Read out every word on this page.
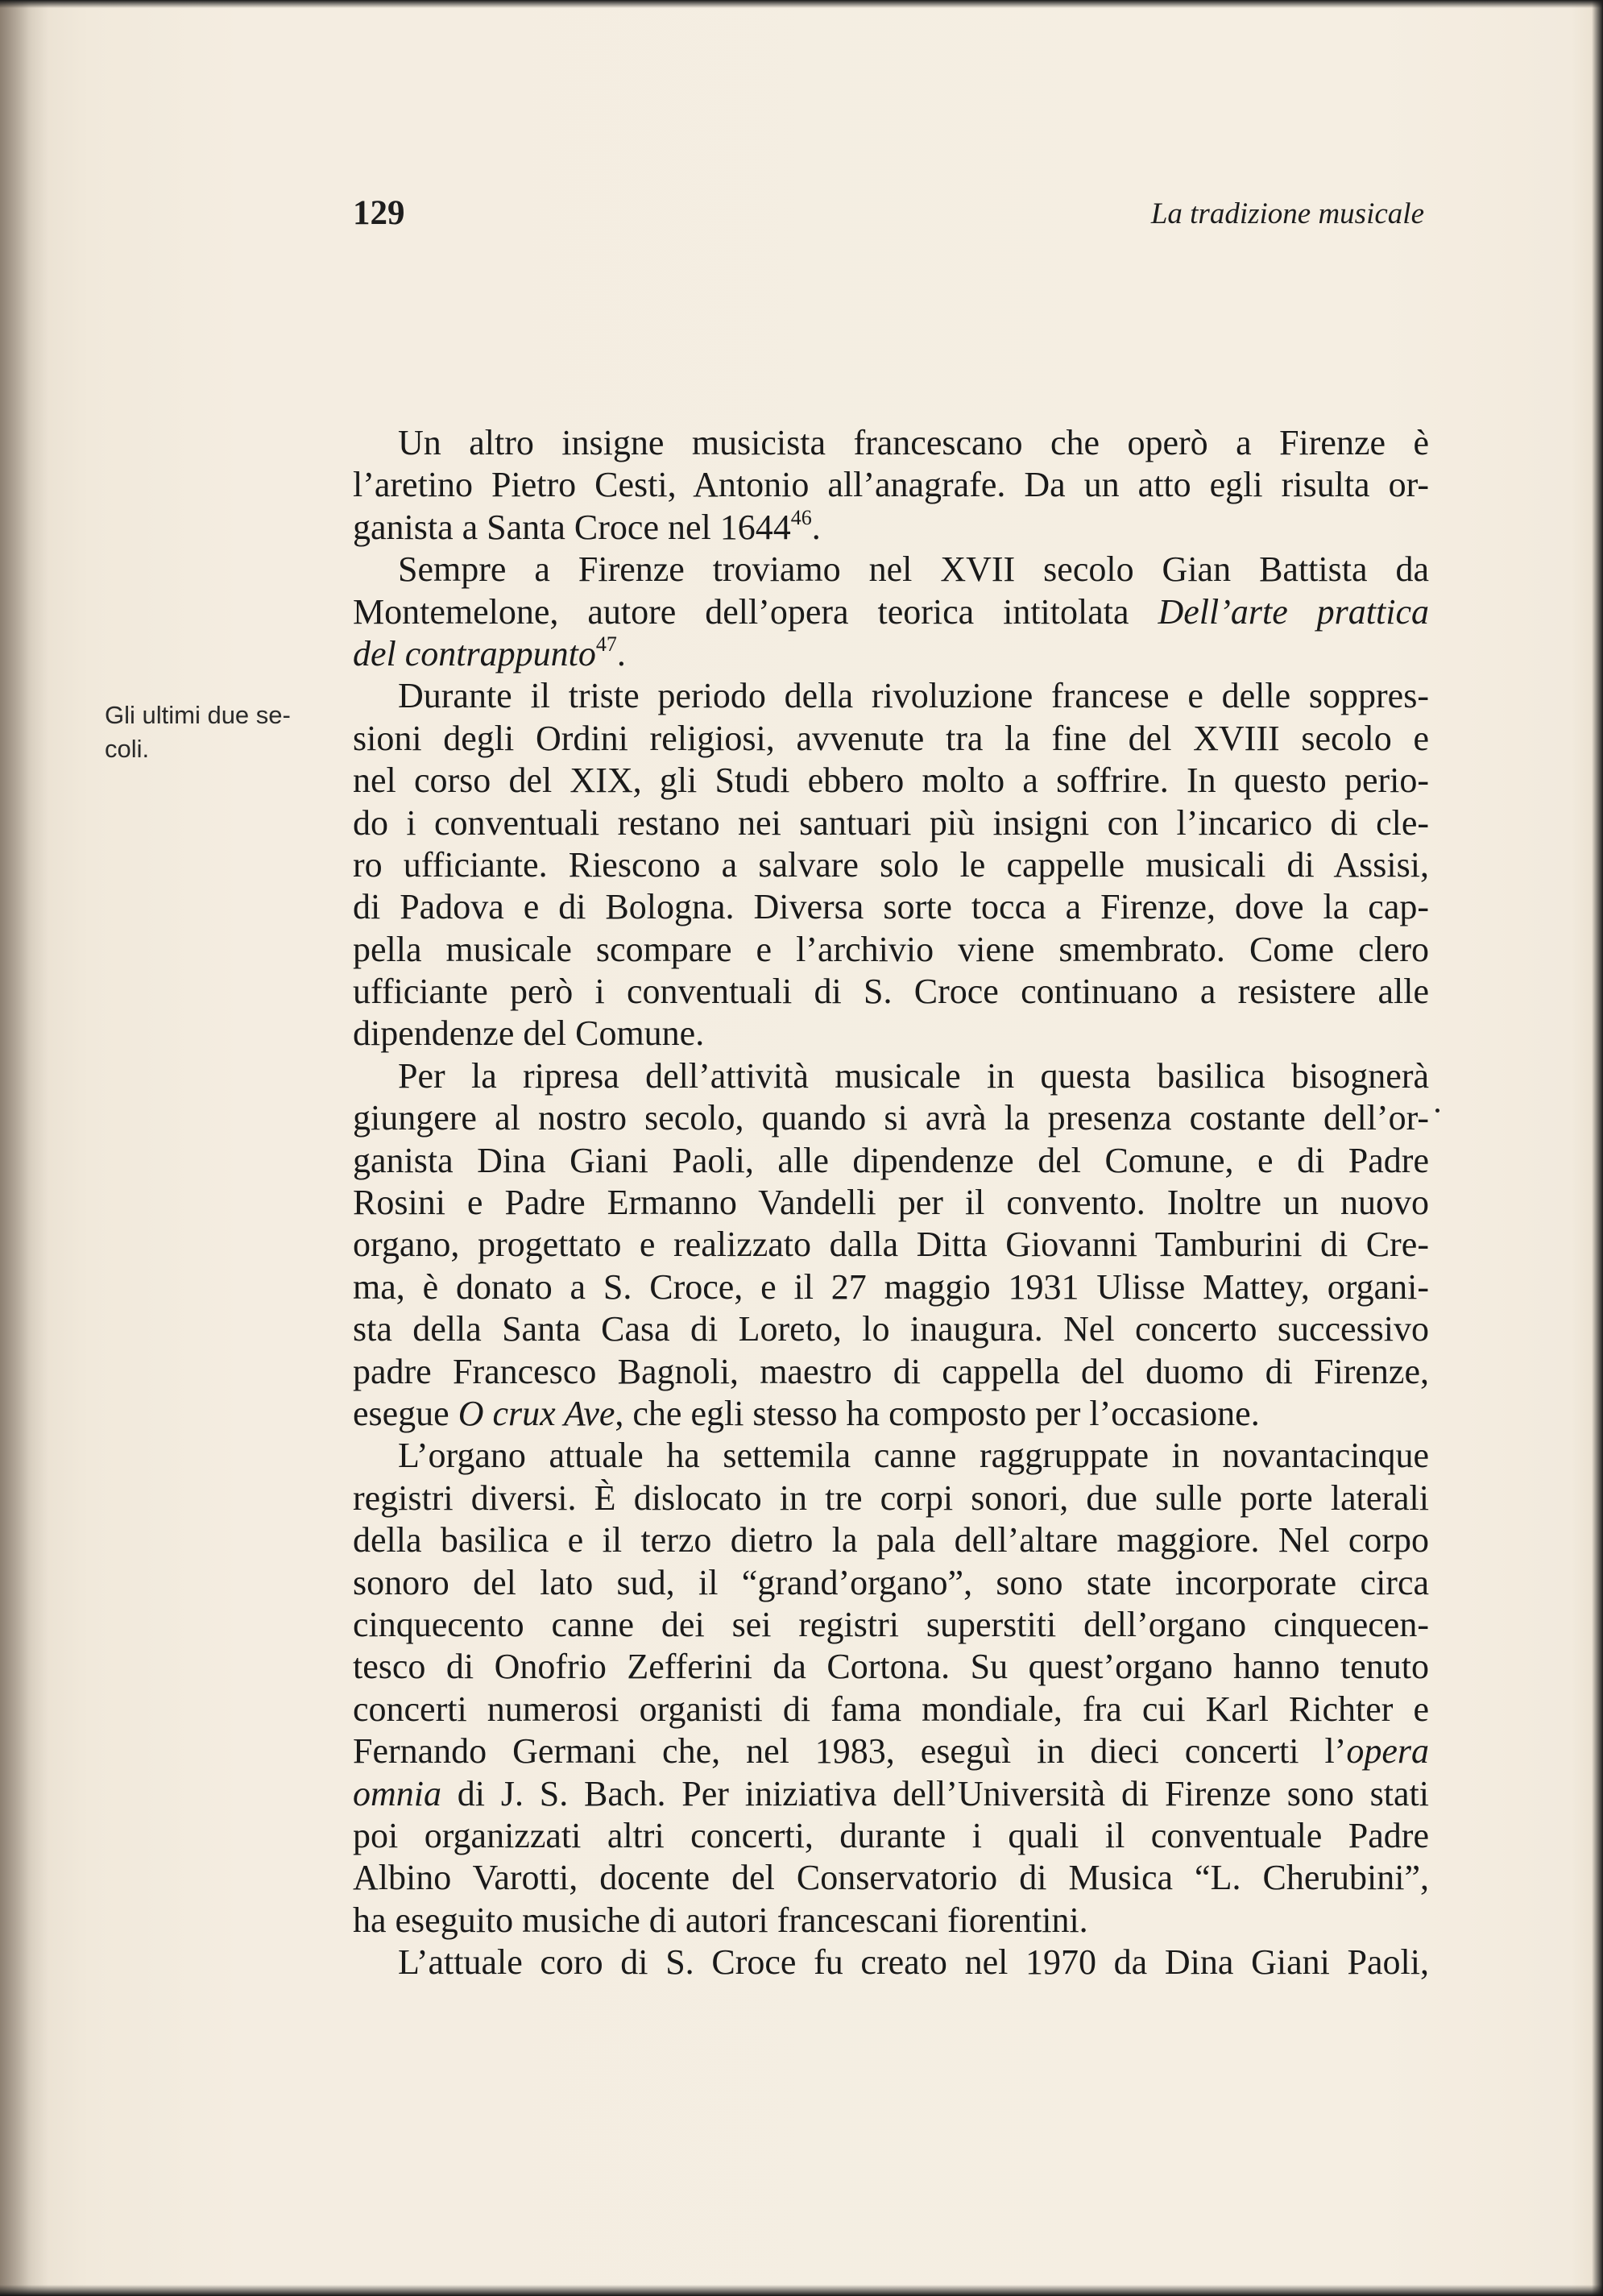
129	La tradizione musicale
Gli ultimi due se-
coli.
Un altro insigne musicista francescano che operò a Firenze è
l’aretino Pietro Cesti, Antonio all’anagrafe. Da un atto egli risulta or-
ganista a Santa Croce nel 1644$^{46}$.
Sempre a Firenze troviamo nel XVII secolo Gian Battista da
Montemelone, autore dell’opera teorica intitolata Dell’arte prattica
del contrappunto$^{47}$.
Durante il triste periodo della rivoluzione francese e delle soppres-
sioni degli Ordini religiosi, avvenute tra la fine del XVIII secolo e
nel corso del XIX, gli Studi ebbero molto a soffrire. In questo perio-
do i conventuali restano nei santuari più insigni con l’incarico di cle-
ro ufficiante. Riescono a salvare solo le cappelle musicali di Assisi,
di Padova e di Bologna. Diversa sorte tocca a Firenze, dove la cap-
pella musicale scompare e l’archivio viene smembrato. Come clero
ufficiante però i conventuali di S. Croce continuano a resistere alle
dipendenze del Comune.
Per la ripresa dell’attività musicale in questa basilica bisognerà
giungere al nostro secolo, quando si avrà la presenza costante dell’or-
ganista Dina Giani Paoli, alle dipendenze del Comune, e di Padre
Rosini e Padre Ermanno Vandelli per il convento. Inoltre un nuovo
organo, progettato e realizzato dalla Ditta Giovanni Tamburini di Cre-
ma, è donato a S. Croce, e il 27 maggio 1931 Ulisse Mattey, organi-
sta della Santa Casa di Loreto, lo inaugura. Nel concerto successivo
padre Francesco Bagnoli, maestro di cappella del duomo di Firenze,
esegue O crux Ave, che egli stesso ha composto per l’occasione.
L’organo attuale ha settemila canne raggruppate in novantacinque
registri diversi. È dislocato in tre corpi sonori, due sulle porte laterali
della basilica e il terzo dietro la pala dell’altare maggiore. Nel corpo
sonoro del lato sud, il “grand’organo”, sono state incorporate circa
cinquecento canne dei sei registri superstiti dell’organo cinquecen-
tesco di Onofrio Zefferini da Cortona. Su quest’organo hanno tenuto
concerti numerosi organisti di fama mondiale, fra cui Karl Richter e
Fernando Germani che, nel 1983, eseguì in dieci concerti l’opera
omnia di J. S. Bach. Per iniziativa dell’Università di Firenze sono stati
poi organizzati altri concerti, durante i quali il conventuale Padre
Albino Varotti, docente del Conservatorio di Musica “L. Cherubini”,
ha eseguito musiche di autori francescani fiorentini.
L’attuale coro di S. Croce fu creato nel 1970 da Dina Giani Paoli,
